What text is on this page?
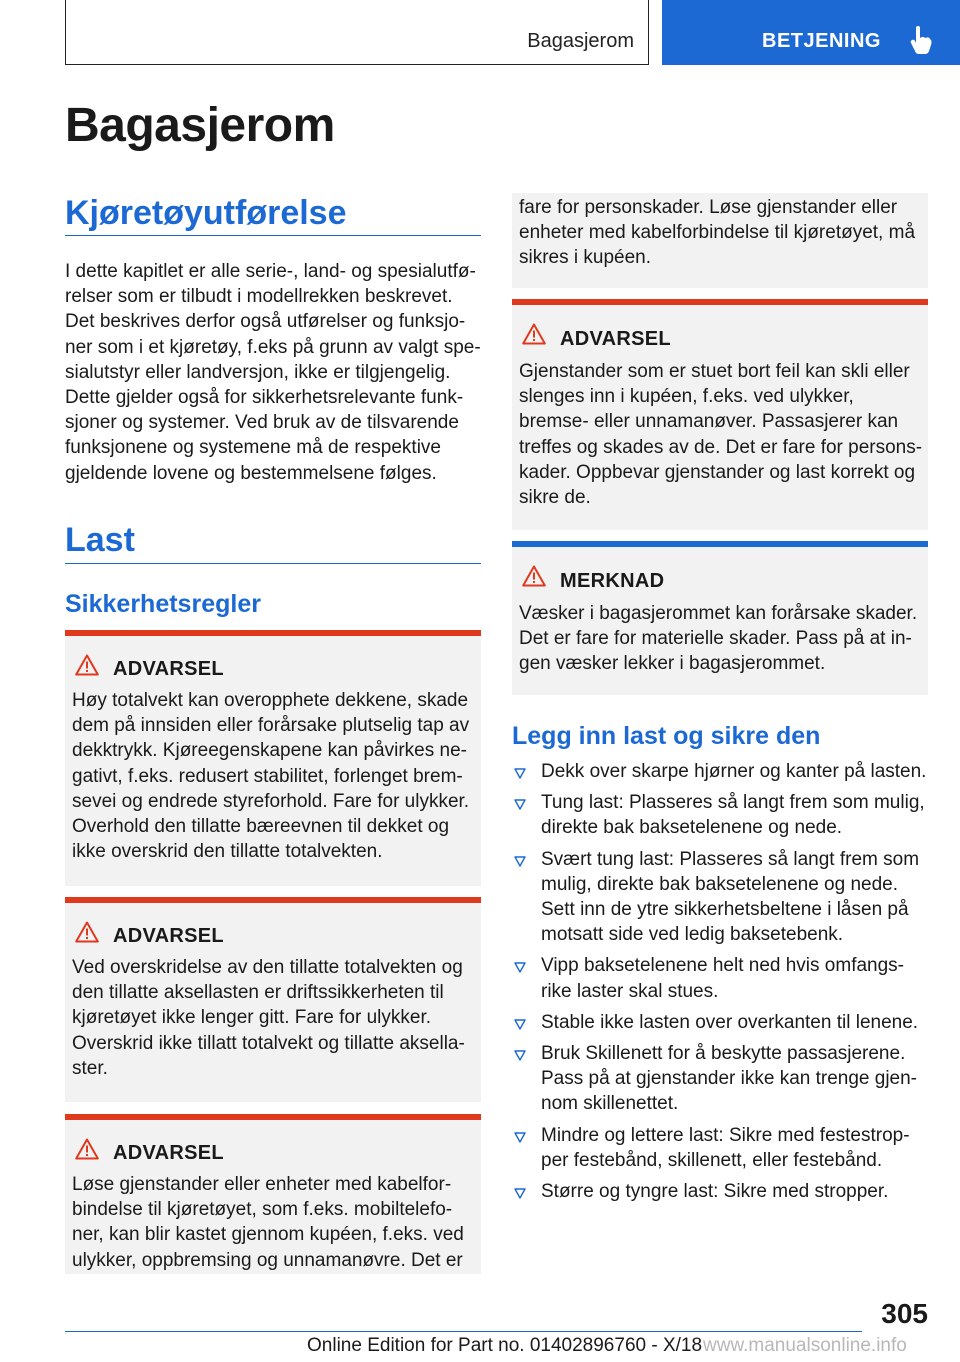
Bagasjerom	BETJENING
Bagasjerom
Kjøretøyutførelse
I dette kapitlet er alle serie-, land- og spesialutfø-
relser som er tilbudt i modellrekken beskrevet.
Det beskrives derfor også utførelser og funksjo-
ner som i et kjøretøy, f.eks på grunn av valgt spe-
sialutstyr eller landversjon, ikke er tilgjengelig.
Dette gjelder også for sikkerhetsrelevante funk-
sjoner og systemer. Ved bruk av de tilsvarende
funksjonene og systemene må de respektive
gjeldende lovene og bestemmelsene følges.
Last
Sikkerhetsregler
ADVARSEL
Høy totalvekt kan overopphete dekkene, skade
dem på innsiden eller forårsake plutselig tap av
dekktrykk. Kjøreegenskapene kan påvirkes ne-
gativt, f.eks. redusert stabilitet, forlenget brem-
sevei og endrede styreforhold. Fare for ulykker.
Overhold den tillatte bæreevnen til dekket og
ikke overskrid den tillatte totalvekten.
ADVARSEL
Ved overskridelse av den tillatte totalvekten og
den tillatte aksellasten er driftssikkerheten til
kjøretøyet ikke lenger gitt. Fare for ulykker.
Overskrid ikke tillatt totalvekt og tillatte aksella-
ster.
ADVARSEL
Løse gjenstander eller enheter med kabelfor-
bindelse til kjøretøyet, som f.eks. mobiltelefo-
ner, kan blir kastet gjennom kupéen, f.eks. ved
ulykker, oppbremsing og unnamanøvre. Det er
fare for personskader. Løse gjenstander eller
enheter med kabelforbindelse til kjøretøyet, må
sikres i kupéen.
ADVARSEL
Gjenstander som er stuet bort feil kan skli eller
slenges inn i kupéen, f.eks. ved ulykker,
bremse- eller unnamanøver. Passasjerer kan
treffes og skades av de. Det er fare for persons-
kader. Oppbevar gjenstander og last korrekt og
sikre de.
MERKNAD
Væsker i bagasjerommet kan forårsake skader.
Det er fare for materielle skader. Pass på at in-
gen væsker lekker i bagasjerommet.
Legg inn last og sikre den
Dekk over skarpe hjørner og kanter på lasten.
Tung last: Plasseres så langt frem som mulig,
direkte bak baksetelenene og nede.
Svært tung last: Plasseres så langt frem som
mulig, direkte bak baksetelenene og nede.
Sett inn de ytre sikkerhetsbeltene i låsen på
motsatt side ved ledig baksetebenk.
Vipp baksetelenene helt ned hvis omfangs-
rike laster skal stues.
Stable ikke lasten over overkanten til lenene.
Bruk Skillenett for å beskytte passasjerene.
Pass på at gjenstander ikke kan trenge gjen-
nom skillenettet.
Mindre og lettere last: Sikre med festestrop-
per festebånd, skillenett, eller festebånd.
Større og tyngre last: Sikre med stropper.
305
Online Edition for Part no. 01402896760 - X/18 www.manualsonline.info
